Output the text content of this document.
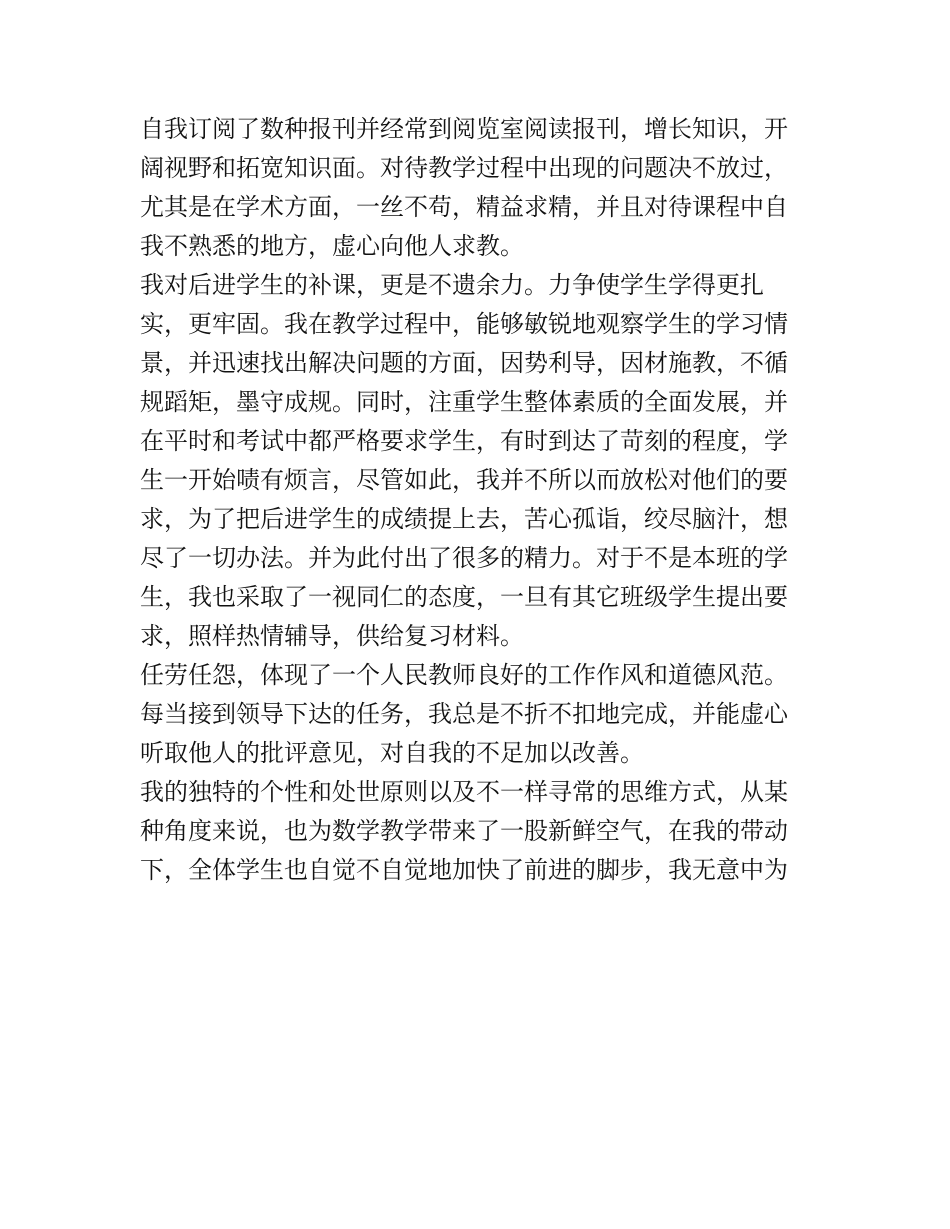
自我订阅了数种报刊并经常到阅览室阅读报刊，增长知识，开
阔视野和拓宽知识面。对待教学过程中出现的问题决不放过，
尤其是在学术方面，一丝不苟，精益求精，并且对待课程中自
我不熟悉的地方，虚心向他人求教。
我对后进学生的补课，更是不遗余力。力争使学生学得更扎
实，更牢固。我在教学过程中，能够敏锐地观察学生的学习情
景，并迅速找出解决问题的方面，因势利导，因材施教，不循
规蹈矩，墨守成规。同时，注重学生整体素质的全面发展，并
在平时和考试中都严格要求学生，有时到达了苛刻的程度，学
生一开始啧有烦言，尽管如此，我并不所以而放松对他们的要
求，为了把后进学生的成绩提上去，苦心孤诣，绞尽脑汁，想
尽了一切办法。并为此付出了很多的精力。对于不是本班的学
生，我也采取了一视同仁的态度，一旦有其它班级学生提出要
求，照样热情辅导，供给复习材料。
任劳任怨，体现了一个人民教师良好的工作作风和道德风范。
每当接到领导下达的任务，我总是不折不扣地完成，并能虚心
听取他人的批评意见，对自我的不足加以改善。
我的独特的个性和处世原则以及不一样寻常的思维方式，从某
种角度来说，也为数学教学带来了一股新鲜空气，在我的带动
下，全体学生也自觉不自觉地加快了前进的脚步，我无意中为
